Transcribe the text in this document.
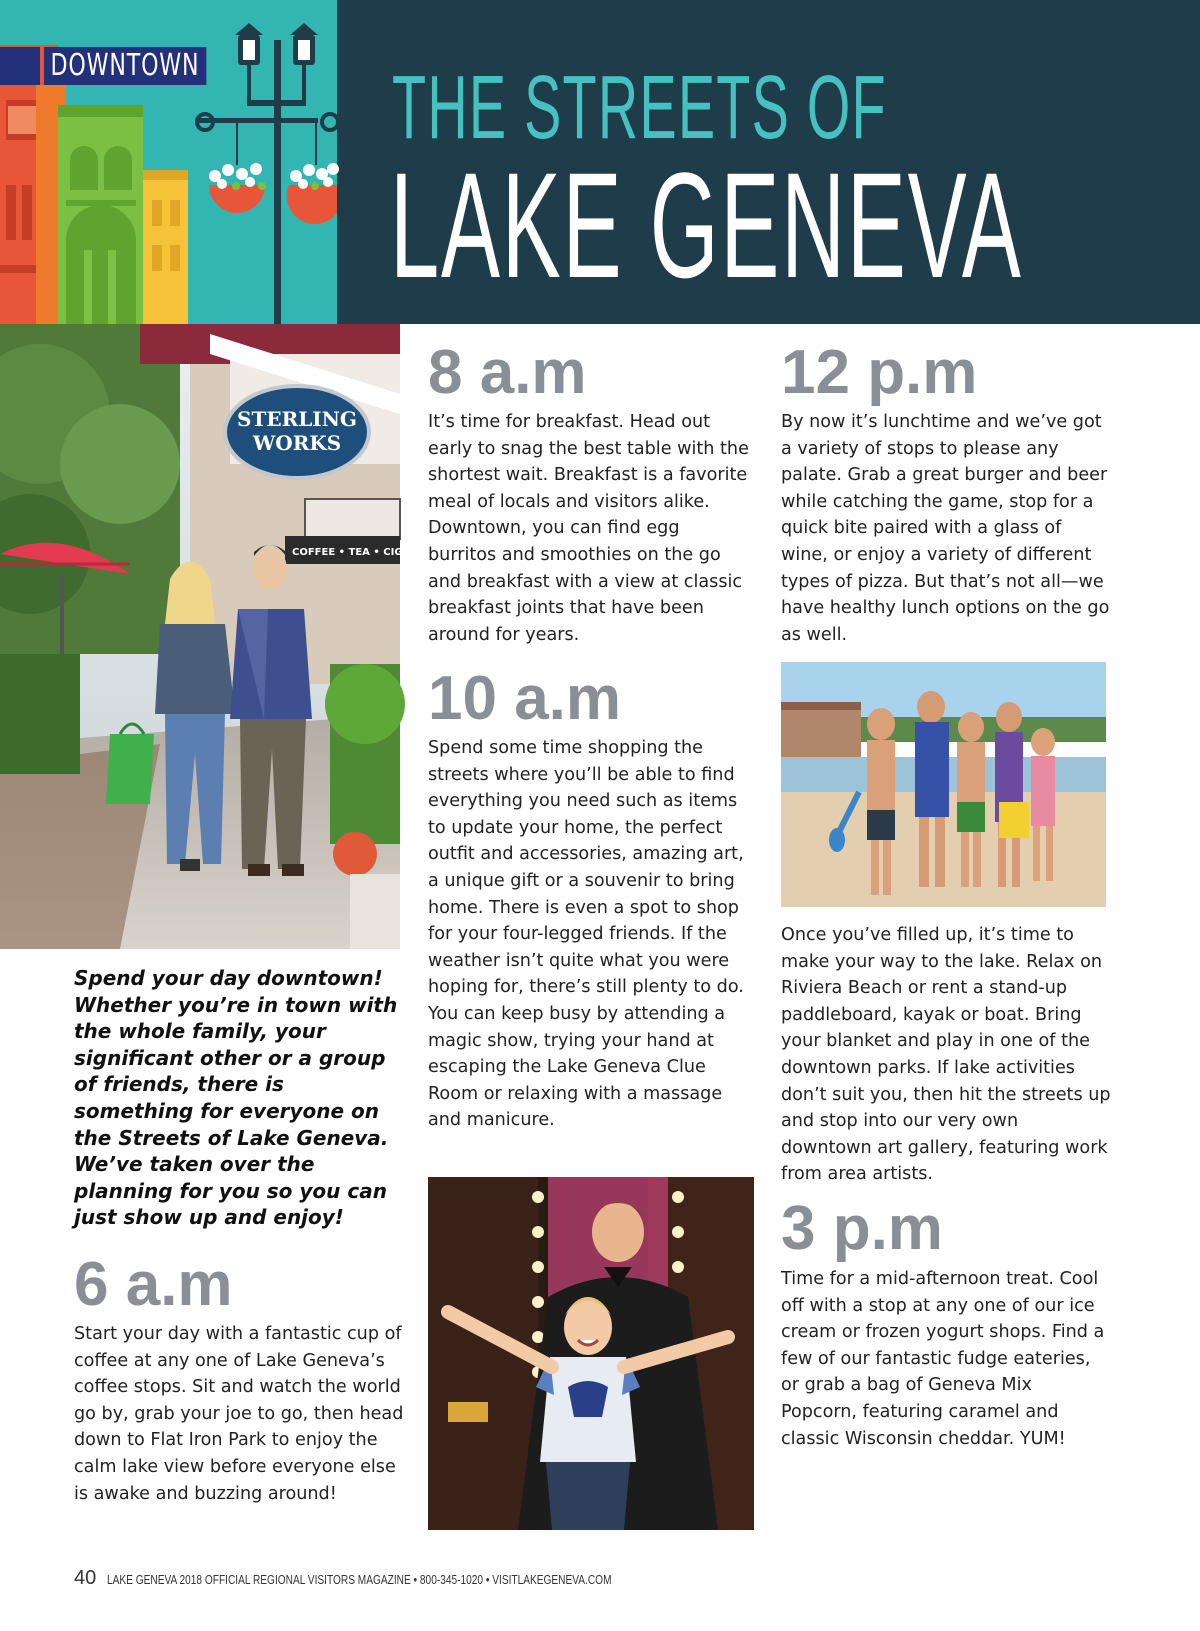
DOWNTOWN THE STREETS OF
LAKE GENEVA
STERLING
WORKS
COFFEE • TEA • CIGARS
Spend your day downtown! Whether you’re in town with the whole family, your significant other or a group of friends, there is something for everyone on the Streets of Lake Geneva. We’ve taken over the planning for you so you can just show up and enjoy!
6 a.m
Start your day with a fantastic cup of coffee at any one of Lake Geneva’s coffee stops. Sit and watch the world go by, grab your joe to go, then head down to Flat Iron Park to enjoy the calm lake view before everyone else is awake and buzzing around!
8 a.m
It’s time for breakfast. Head out early to snag the best table with the shortest wait. Breakfast is a favorite meal of locals and visitors alike. Downtown, you can find egg burritos and smoothies on the go and breakfast with a view at classic breakfast joints that have been around for years.
10 a.m
Spend some time shopping the streets where you’ll be able to find everything you need such as items to update your home, the perfect outfit and accessories, amazing art, a unique gift or a souvenir to bring home. There is even a spot to shop for your four-legged friends. If the weather isn’t quite what you were hoping for, there’s still plenty to do. You can keep busy by attending a magic show, trying your hand at escaping the Lake Geneva Clue Room or relaxing with a massage and manicure.
12 p.m
By now it’s lunchtime and we’ve got a variety of stops to please any palate. Grab a great burger and beer while catching the game, stop for a quick bite paired with a glass of wine, or enjoy a variety of different types of pizza. But that’s not all—we have healthy lunch options on the go as well.
Once you’ve filled up, it’s time to make your way to the lake. Relax on Riviera Beach or rent a stand-up paddleboard, kayak or boat. Bring your blanket and play in one of the downtown parks. If lake activities don’t suit you, then hit the streets up and stop into our very own downtown art gallery, featuring work from area artists.
3 p.m
Time for a mid-afternoon treat. Cool off with a stop at any one of our ice cream or frozen yogurt shops. Find a few of our fantastic fudge eateries, or grab a bag of Geneva Mix Popcorn, featuring caramel and classic Wisconsin cheddar. YUM!
40 LAKE GENEVA 2018 OFFICIAL REGIONAL VISITORS MAGAZINE • 800-345-1020 • VISITLAKEGENEVA.COM
